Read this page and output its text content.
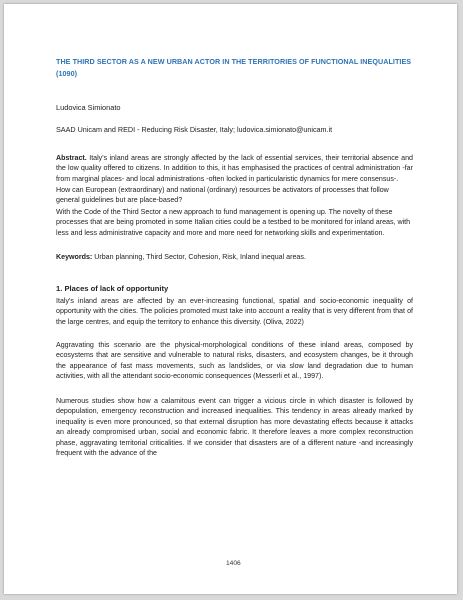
THE THIRD SECTOR AS A NEW URBAN ACTOR IN THE TERRITORIES OF FUNCTIONAL INEQUALITIES (1090)
Ludovica Simionato
SAAD Unicam and REDI - Reducing Risk Disaster, Italy; ludovica.simionato@unicam.it
Abstract. Italy's inland areas are strongly affected by the lack of essential services, their territorial absence and the low quality offered to citizens. In addition to this, it has emphasised the practices of central administration -far from marginal places- and local administrations -often locked in particularistic dynamics for mere consensus-.
How can European (extraordinary) and national (ordinary) resources be activators of processes that follow general guidelines but are place-based?
With the Code of the Third Sector a new approach to fund management is opening up. The novelty of these processes that are being promoted in some Italian cities could be a testbed to be monitored for inland areas, with less and less administrative capacity and more and more need for networking skills and experimentation.
Keywords: Urban planning, Third Sector, Cohesion, Risk, Inland inequal areas.
1. Places of lack of opportunity
Italy's inland areas are affected by an ever-increasing functional, spatial and socio-economic inequality of opportunity with the cities. The policies promoted must take into account a reality that is very different from that of the large centres, and equip the territory to enhance this diversity. (Oliva, 2022)
Aggravating this scenario are the physical-morphological conditions of these inland areas, composed by ecosystems that are sensitive and vulnerable to natural risks, disasters, and ecosystem changes, be it through the appearance of fast mass movements, such as landslides, or via slow land degradation due to human activities, with all the attendant socio-economic consequences (Messerli et al., 1997).
Numerous studies show how a calamitous event can trigger a vicious circle in which disaster is followed by depopulation, emergency reconstruction and increased inequalities. This tendency in areas already marked by inequality is even more pronounced, so that external disruption has more devastating effects because it attacks an already compromised urban, social and economic fabric. It therefore leaves a more complex reconstruction phase, aggravating territorial criticalities. If we consider that disasters are of a different nature -and increasingly frequent with the advance of the
1406
